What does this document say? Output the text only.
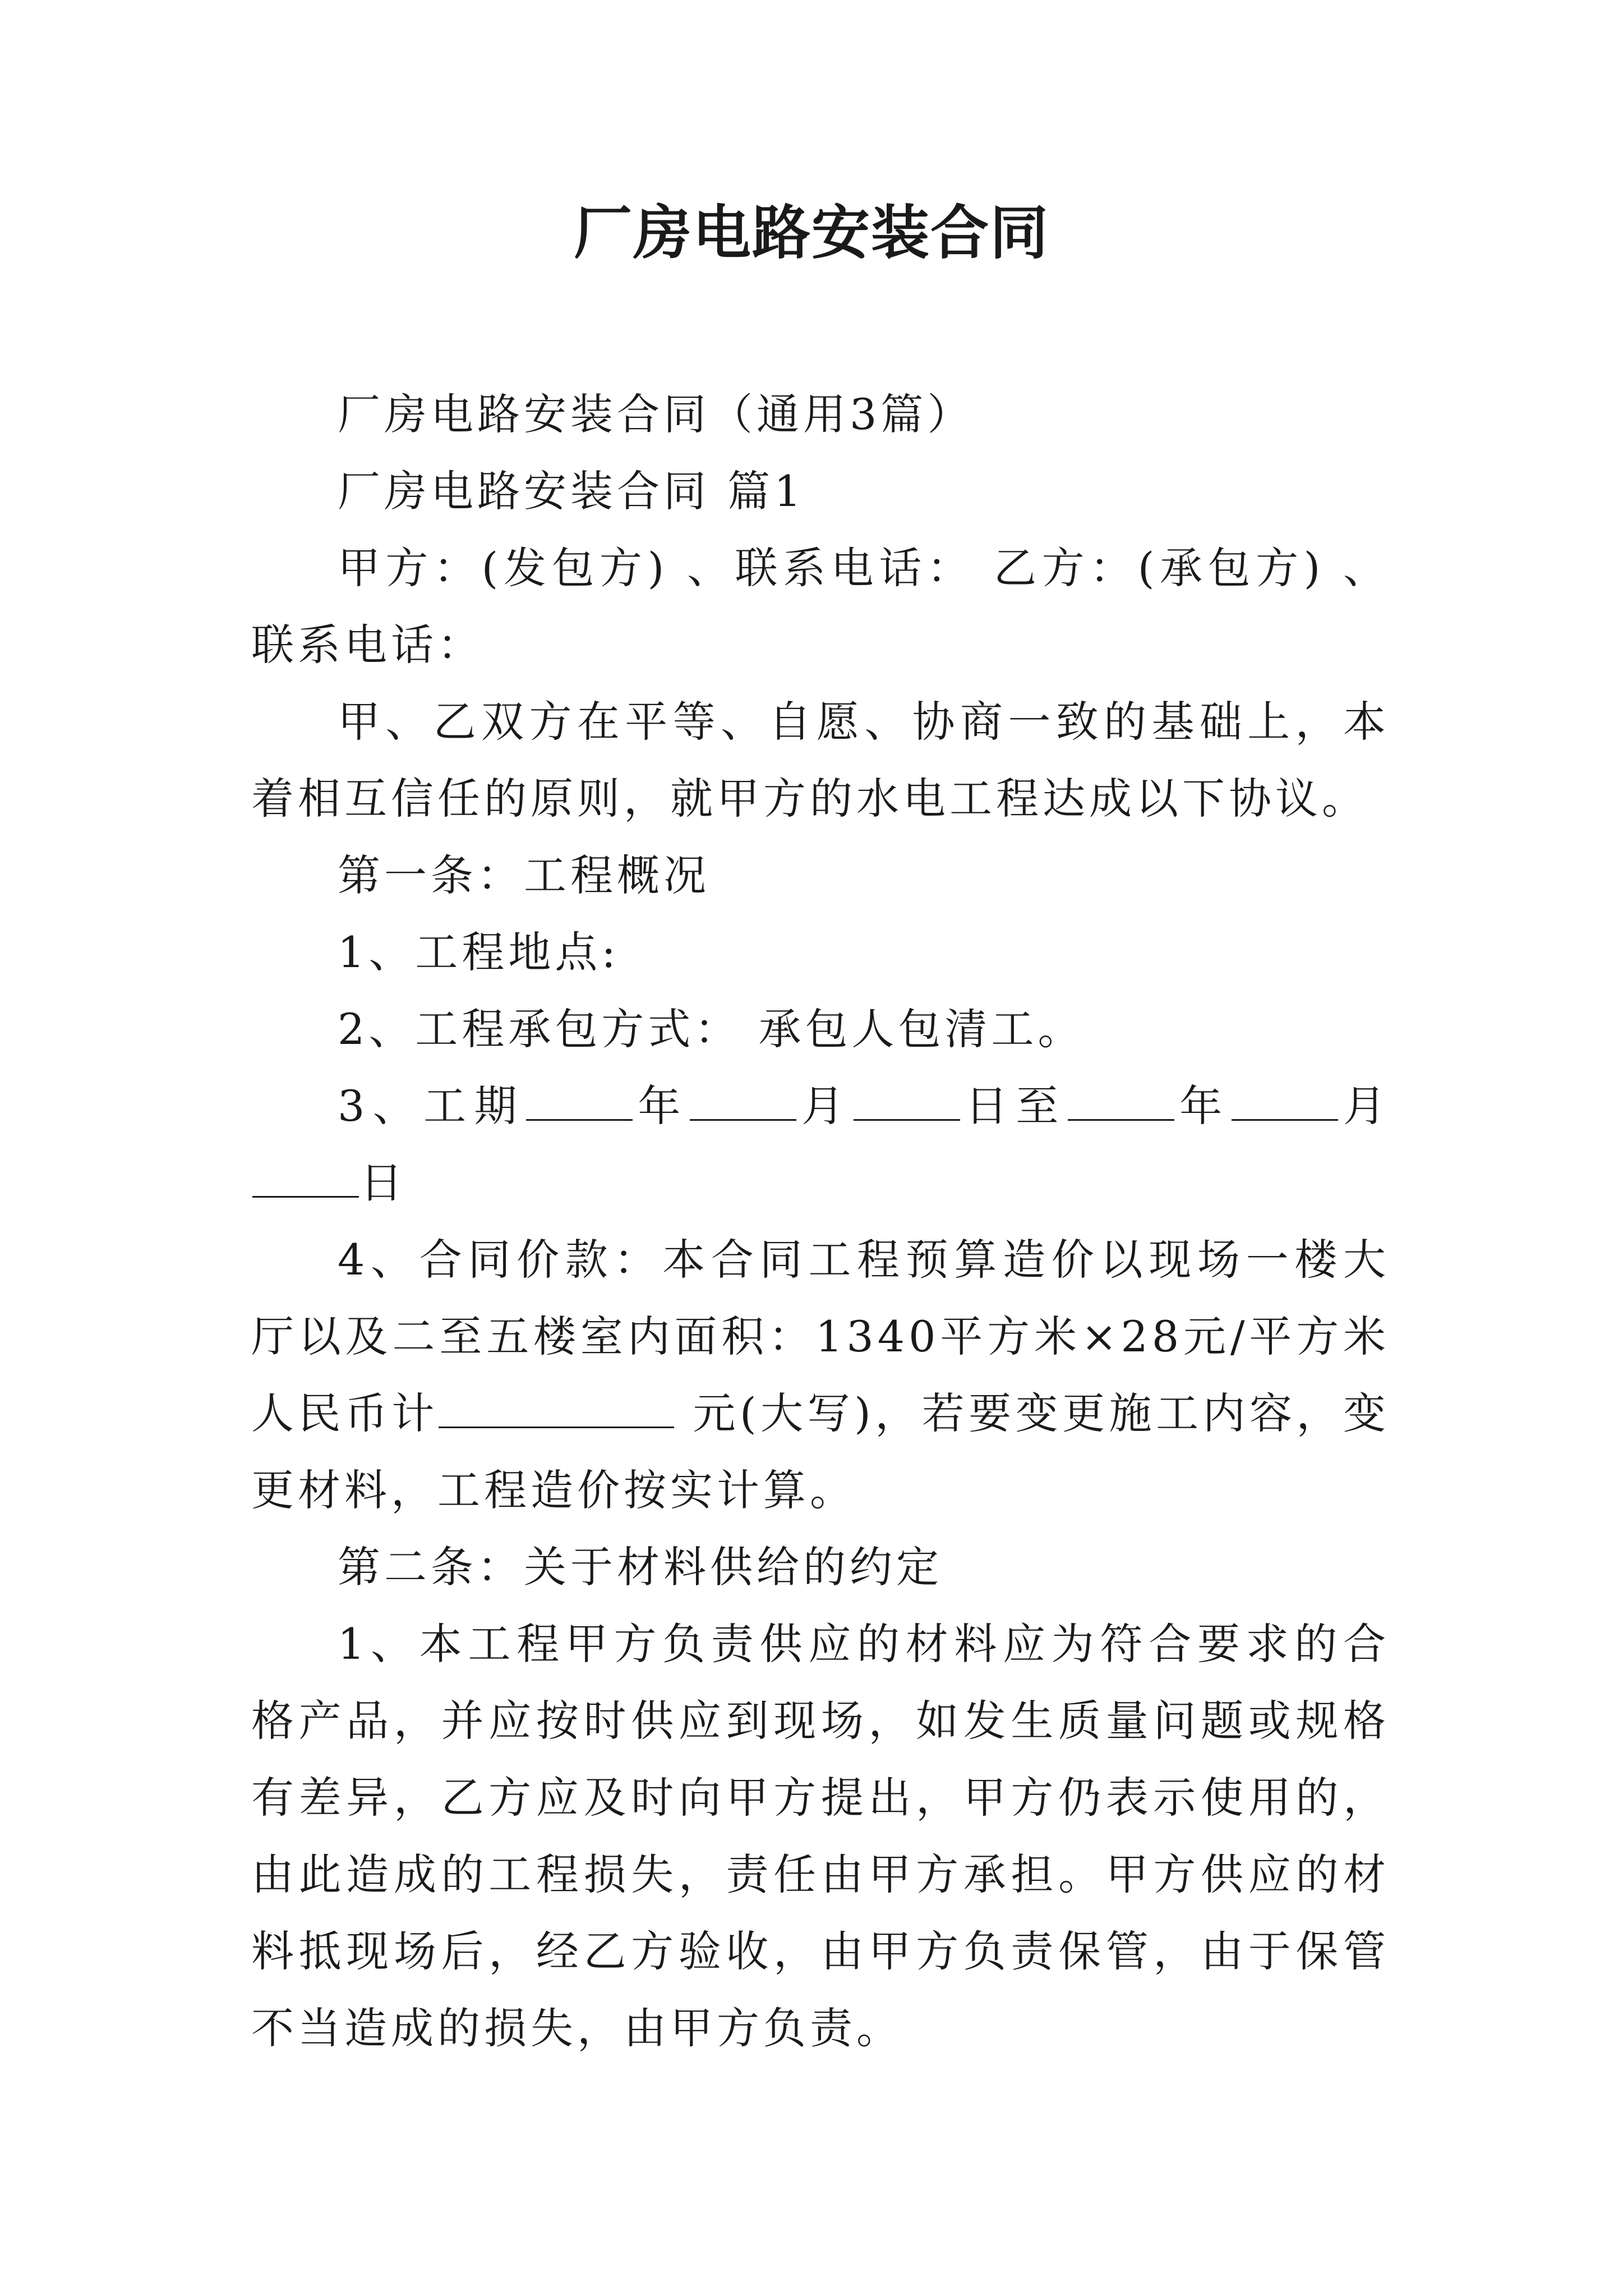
厂房电路安装合同

厂房电路安装合同（通用3篇）

厂房电路安装合同 篇1

甲方：(发包方) 、联系电话： 乙方：(承包方) 、联系电话：

甲、乙双方在平等、自愿、协商一致的基础上，本着相互信任的原则，就甲方的水电工程达成以下协议。

第一条：工程概况

1、工程地点:

2、工程承包方式： 承包人包清工。

3、工期	年	月	日至	年	月日

4、合同价款：本合同工程预算造价以现场一楼大厅以及二至五楼室内面积：1340平方米×28元/平方米人民币计	元(大写)，若要变更施工内容，变更材料，工程造价按实计算。

第二条：关于材料供给的约定

1、本工程甲方负责供应的材料应为符合要求的合格产品，并应按时供应到现场，如发生质量问题或规格有差异，乙方应及时向甲方提出，甲方仍表示使用的，由此造成的工程损失，责任由甲方承担。甲方供应的材料抵现场后，经乙方验收，由甲方负责保管，由于保管不当造成的损失，由甲方负责。
